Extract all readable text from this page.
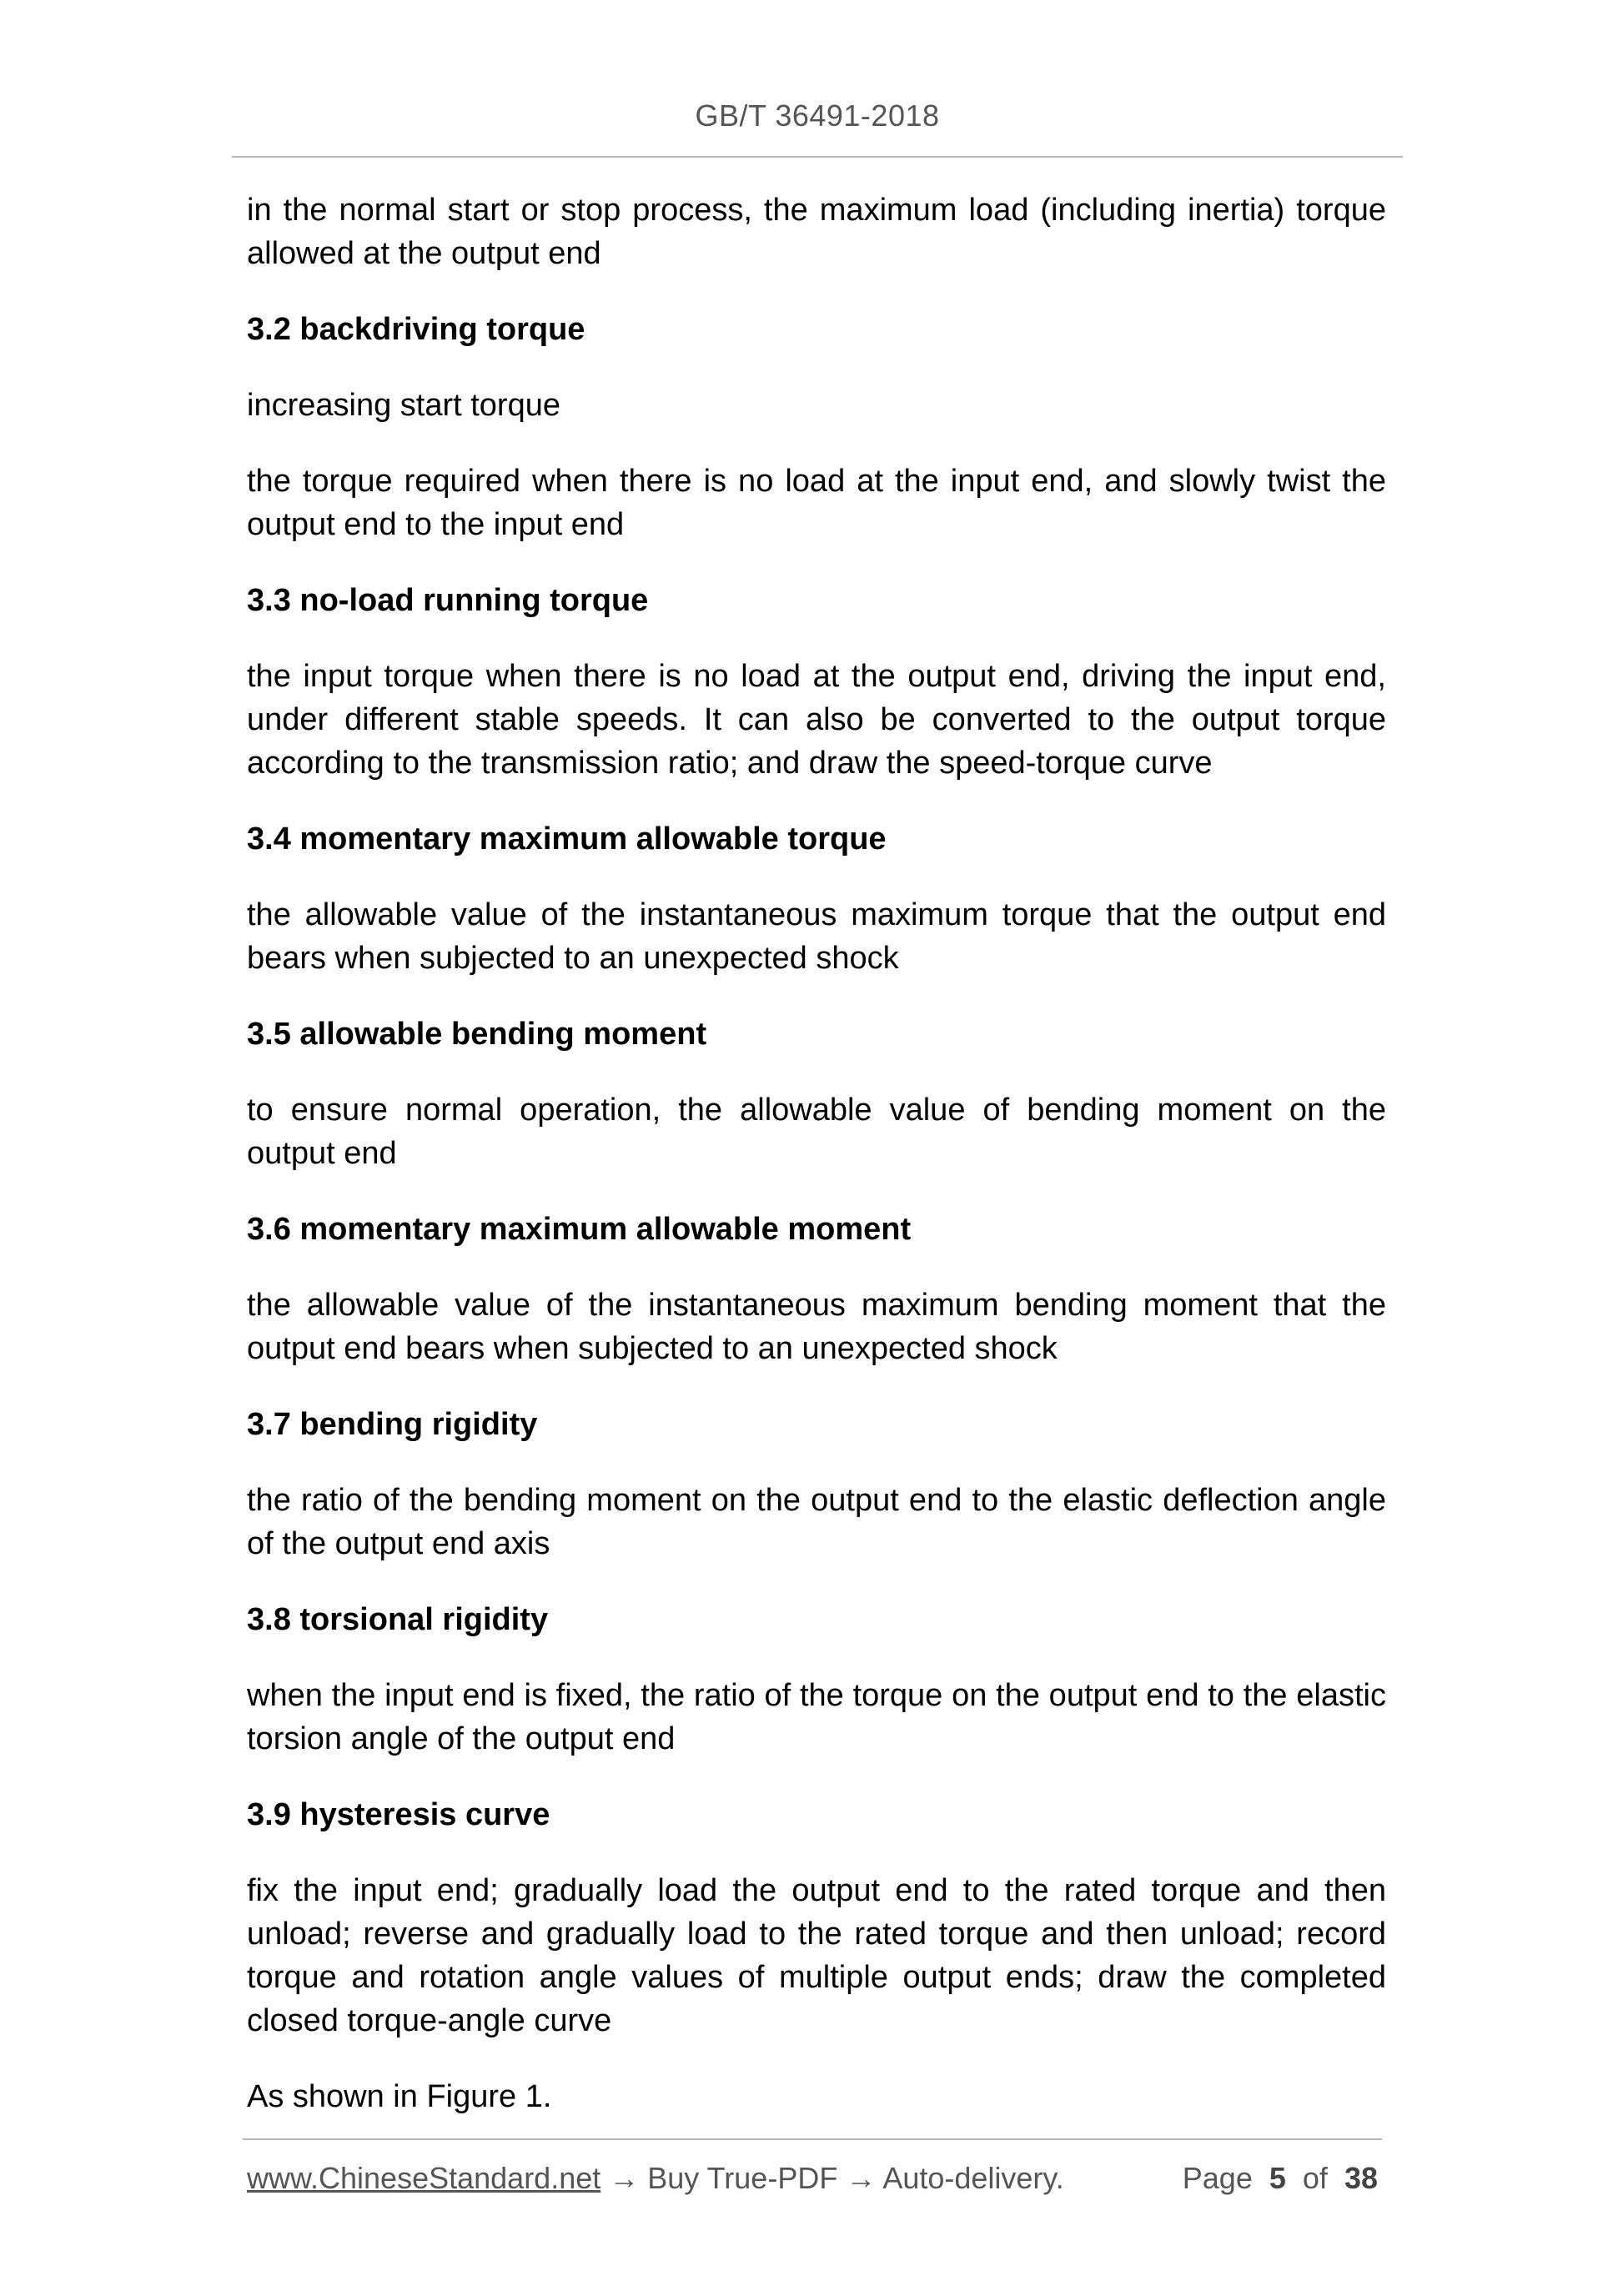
GB/T 36491-2018
in the normal start or stop process, the maximum load (including inertia) torque allowed at the output end
3.2 backdriving torque
increasing start torque
the torque required when there is no load at the input end, and slowly twist the output end to the input end
3.3 no-load running torque
the input torque when there is no load at the output end, driving the input end, under different stable speeds. It can also be converted to the output torque according to the transmission ratio; and draw the speed-torque curve
3.4 momentary maximum allowable torque
the allowable value of the instantaneous maximum torque that the output end bears when subjected to an unexpected shock
3.5 allowable bending moment
to ensure normal operation, the allowable value of bending moment on the output end
3.6 momentary maximum allowable moment
the allowable value of the instantaneous maximum bending moment that the output end bears when subjected to an unexpected shock
3.7 bending rigidity
the ratio of the bending moment on the output end to the elastic deflection angle of the output end axis
3.8 torsional rigidity
when the input end is fixed, the ratio of the torque on the output end to the elastic torsion angle of the output end
3.9 hysteresis curve
fix the input end; gradually load the output end to the rated torque and then unload; reverse and gradually load to the rated torque and then unload; record torque and rotation angle values of multiple output ends; draw the completed closed torque-angle curve
As shown in Figure 1.
www.ChineseStandard.net → Buy True-PDF → Auto-delivery.	Page 5 of 38
